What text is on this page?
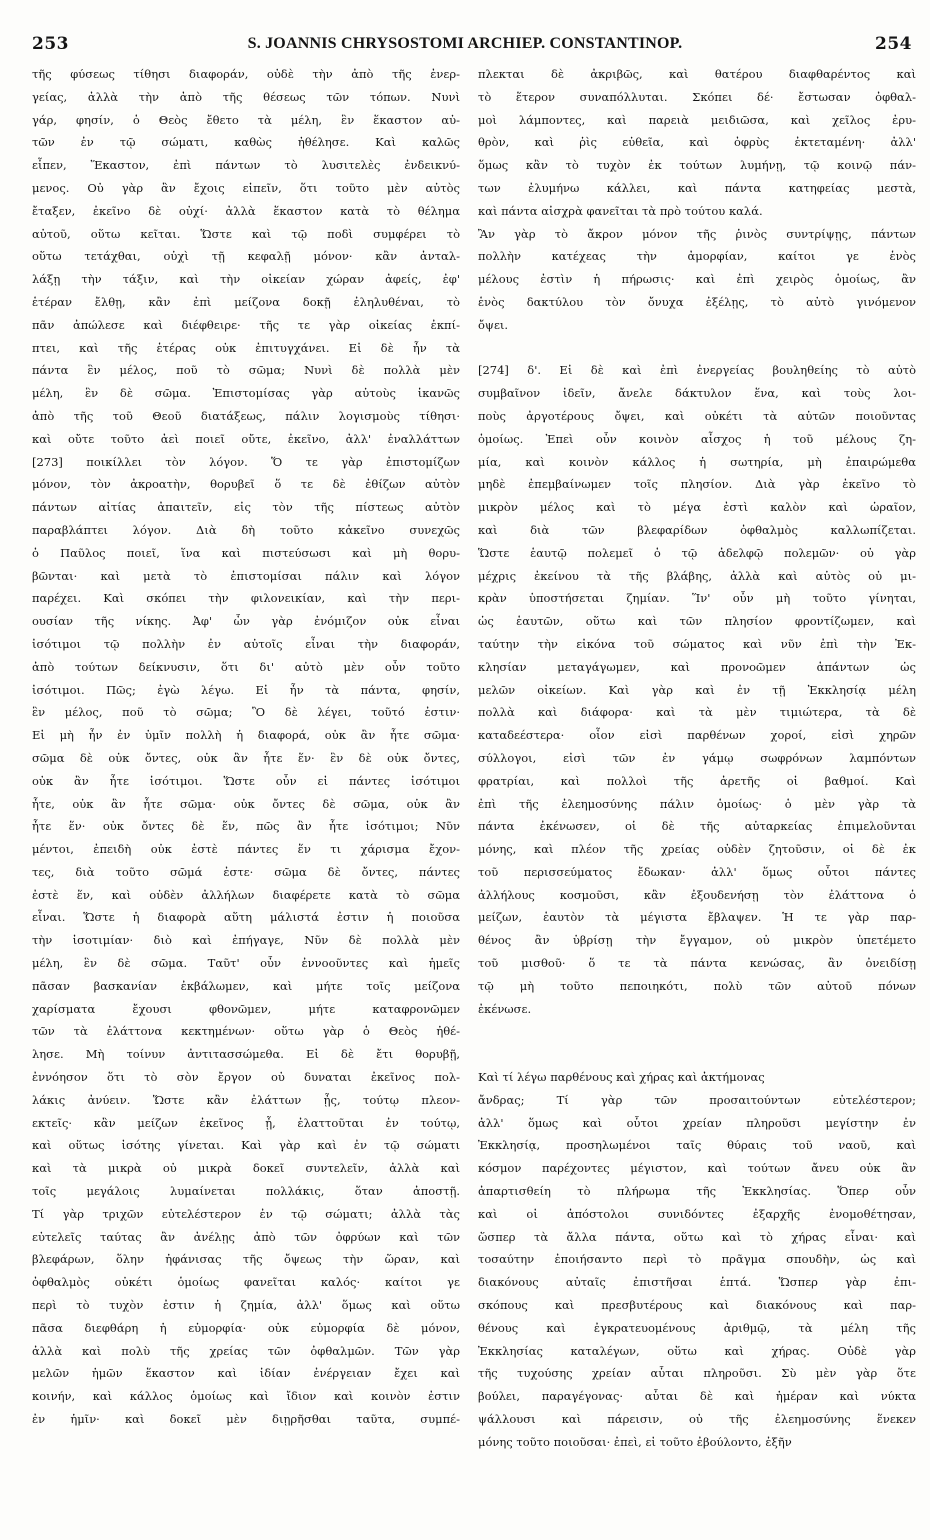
253	S. JOANNIS CHRYSOSTOMI ARCHIEP. CONSTANTINOP.	254
τῆς φύσεως τίθησι διαφοράν, οὐδὲ τὴν ἀπὸ τῆς ἐνερ-
γείας, ἀλλὰ τὴν ἀπὸ τῆς θέσεως τῶν τόπων. Νυνὶ
γάρ, φησίν, ὁ Θεὸς ἔθετο τὰ μέλη, ἓν ἕκαστον αὐ-
τῶν ἐν τῷ σώματι, καθὼς ἠθέλησε. Καὶ καλῶς
εἶπεν, Ἕκαστον, ἐπὶ πάντων τὸ λυσιτελὲς ἐνδεικνύ-
μενος. Οὐ γὰρ ἂν ἔχοις εἰπεῖν, ὅτι τοῦτο μὲν αὐτὸς
ἔταξεν, ἐκεῖνο δὲ οὐχί· ἀλλὰ ἕκαστον κατὰ τὸ θέλημα
αὐτοῦ, οὕτω κεῖται. Ὥστε καὶ τῷ ποδὶ συμφέρει τὸ
οὕτω τετάχθαι, οὐχὶ τῇ κεφαλῇ μόνον· κἂν ἀνταλ-
λάξῃ τὴν τάξιν, καὶ τὴν οἰκείαν χώραν ἀφείς, ἐφ'
ἑτέραν ἔλθῃ, κἂν ἐπὶ μείζονα δοκῇ ἐληλυθέναι, τὸ
πᾶν ἀπώλεσε καὶ διέφθειρε· τῆς τε γὰρ οἰκείας ἐκπί-
πτει, καὶ τῆς ἑτέρας οὐκ ἐπιτυγχάνει. Εἰ δὲ ἦν τὰ
πάντα ἓν μέλος, ποῦ τὸ σῶμα; Νυνὶ δὲ πολλὰ μὲν
μέλη, ἓν δὲ σῶμα. Ἐπιστομίσας γὰρ αὐτοὺς ἱκανῶς
ἀπὸ τῆς τοῦ Θεοῦ διατάξεως, πάλιν λογισμοὺς τίθησι·
καὶ οὔτε τοῦτο ἀεὶ ποιεῖ οὔτε, ἐκεῖνο, ἀλλ' ἐναλλάττων
[273] ποικίλλει τὸν λόγον. Ὅ τε γὰρ ἐπιστομίζων
μόνον, τὸν ἀκροατὴν, θορυβεῖ ὅ τε δὲ ἐθίζων αὐτὸν
πάντων αἰτίας ἀπαιτεῖν, εἰς τὸν τῆς πίστεως αὐτὸν
παραβλάπτει λόγον. Διὰ δὴ τοῦτο κἀκεῖνο συνεχῶς
ὁ Παῦλος ποιεῖ, ἵνα καὶ πιστεύσωσι καὶ μὴ θορυ-
βῶνται· καὶ μετὰ τὸ ἐπιστομίσαι πάλιν καὶ λόγον
παρέχει. Καὶ σκόπει τὴν φιλονεικίαν, καὶ τὴν περι-
ουσίαν τῆς νίκης. Ἀφ' ὧν γὰρ ἐνόμιζον οὐκ εἶναι
ἰσότιμοι τῷ πολλὴν ἐν αὐτοῖς εἶναι τὴν διαφοράν,
ἀπὸ τούτων δείκνυσιν, ὅτι δι' αὐτὸ μὲν οὖν τοῦτο
ἰσότιμοι. Πῶς; ἐγὼ λέγω. Εἰ ἦν τὰ πάντα, φησίν,
ἓν μέλος, ποῦ τὸ σῶμα; Ὃ δὲ λέγει, τοῦτό ἐστιν·
Εἰ μὴ ἦν ἐν ὑμῖν πολλὴ ἡ διαφορά, οὐκ ἂν ἦτε σῶμα·
σῶμα δὲ οὐκ ὄντες, οὐκ ἂν ἦτε ἕν· ἓν δὲ οὐκ ὄντες,
οὐκ ἂν ἦτε ἰσότιμοι. Ὥστε οὖν εἰ πάντες ἰσότιμοι
ἦτε, οὐκ ἂν ἦτε σῶμα· οὐκ ὄντες δὲ σῶμα, οὐκ ἂν
ἦτε ἕν· οὐκ ὄντες δὲ ἕν, πῶς ἂν ἦτε ἰσότιμοι; Νῦν
μέντοι, ἐπειδὴ οὐκ ἐστὲ πάντες ἕν τι χάρισμα ἔχον-
τες, διὰ τοῦτο σῶμά ἐστε· σῶμα δὲ ὄντες, πάντες
ἐστὲ ἕν, καὶ οὐδὲν ἀλλήλων διαφέρετε κατὰ τὸ σῶμα
εἶναι. Ὥστε ἡ διαφορὰ αὕτη μάλιστά ἐστιν ἡ ποιοῦσα
τὴν ἰσοτιμίαν· διὸ καὶ ἐπήγαγε, Νῦν δὲ πολλὰ μὲν
μέλη, ἓν δὲ σῶμα. Ταῦτ' οὖν ἐννοοῦντες καὶ ἡμεῖς
πᾶσαν βασκανίαν ἐκβάλωμεν, καὶ μήτε τοῖς μείζονα
χαρίσματα ἔχουσι φθονῶμεν, μήτε καταφρονῶμεν
τῶν τὰ ἐλάττονα κεκτημένων· οὕτω γὰρ ὁ Θεὸς ἠθέ-
λησε. Μὴ τοίνυν ἀντιτασσώμεθα. Εἰ δὲ ἔτι θορυβῇ,
ἐννόησον ὅτι τὸ σὸν ἔργον οὐ δυναται ἐκεῖνος πολ-
λάκις ἀνύειν. Ὥστε κἂν ἐλάττων ᾖς, τούτῳ πλεον-
εκτεῖς· κἂν μείζων ἐκεῖνος ᾖ, ἐλαττοῦται ἐν τούτῳ,
καὶ οὕτως ἰσότης γίνεται. Καὶ γὰρ καὶ ἐν τῷ σώματι
καὶ τὰ μικρὰ οὐ μικρὰ δοκεῖ συντελεῖν, ἀλλὰ καὶ
τοῖς μεγάλοις λυμαίνεται πολλάκις, ὅταν ἀποστῇ.
Τί γὰρ τριχῶν εὐτελέστερον ἐν τῷ σώματι; ἀλλὰ τὰς
εὐτελεῖς ταύτας ἂν ἀνέλῃς ἀπὸ τῶν ὀφρύων καὶ τῶν
βλεφάρων, ὅλην ἠφάνισας τῆς ὄψεως τὴν ὥραν, καὶ
ὀφθαλμὸς οὐκέτι ὁμοίως φανεῖται καλός· καίτοι γε
περὶ τὸ τυχὸν ἐστιν ἡ ζημία, ἀλλ' ὅμως καὶ οὕτω
πᾶσα διεφθάρη ἡ εὐμορφία· οὐκ εὐμορφία δὲ μόνον,
ἀλλὰ καὶ πολὺ τῆς χρείας τῶν ὀφθαλμῶν. Τῶν γὰρ
μελῶν ἡμῶν ἕκαστον καὶ ἰδίαν ἐνέργειαν ἔχει καὶ
κοινήν, καὶ κάλλος ὁμοίως καὶ ἴδιον καὶ κοινὸν ἐστιν
ἐν ἡμῖν· καὶ δοκεῖ μὲν διῃρῆσθαι ταῦτα, συμπέ-
πλεκται δὲ ἀκριβῶς, καὶ θατέρου διαφθαρέντος καὶ
τὸ ἕτερον συναπόλλυται. Σκόπει δέ· ἔστωσαν ὀφθαλ-
μοὶ λάμποντες, καὶ παρειὰ μειδιῶσα, καὶ χεῖλος ἐρυ-
θρὸν, καὶ ῥὶς εὐθεῖα, καὶ ὀφρὺς ἐκτεταμένη· ἀλλ'
ὅμως κἂν τὸ τυχὸν ἐκ τούτων λυμήνῃ, τῷ κοινῷ πάν-
των ἐλυμήνω κάλλει, καὶ πάντα κατηφείας μεστὰ,
καὶ πάντα αἰσχρὰ φανεῖται τὰ πρὸ τούτου καλά.
Ἂν γὰρ τὸ ἄκρον μόνον τῆς ῥινὸς συντρίψῃς, πάντων
πολλὴν κατέχεας τὴν ἀμορφίαν, καίτοι γε ἑνὸς
μέλους ἐστὶν ἡ πήρωσις· καὶ ἐπὶ χειρὸς ὁμοίως, ἂν
ἑνὸς δακτύλου τὸν ὄνυχα ἐξέλῃς, τὸ αὐτὸ γινόμενον
ὄψει.
[274] δ'. Εἰ δὲ καὶ ἐπὶ ἐνεργείας βουληθείης τὸ αὐτὸ
συμβαῖνον ἰδεῖν, ἄνελε δάκτυλον ἕνα, καὶ τοὺς λοι-
ποὺς ἀργοτέρους ὄψει, καὶ οὐκέτι τὰ αὐτῶν ποιοῦντας
ὁμοίως. Ἐπεὶ οὖν κοινὸν αἶσχος ἡ τοῦ μέλους ζη-
μία, καὶ κοινὸν κάλλος ἡ σωτηρία, μὴ ἐπαιρώμεθα
μηδὲ ἐπεμβαίνωμεν τοῖς πλησίον. Διὰ γὰρ ἐκεῖνο τὸ
μικρὸν μέλος καὶ τὸ μέγα ἐστὶ καλὸν καὶ ὡραῖον,
καὶ διὰ τῶν βλεφαρίδων ὀφθαλμὸς καλλωπίζεται.
Ὥστε ἑαυτῷ πολεμεῖ ὁ τῷ ἀδελφῷ πολεμῶν· οὐ γὰρ
μέχρις ἐκείνου τὰ τῆς βλάβης, ἀλλὰ καὶ αὐτὸς οὐ μι-
κρὰν ὑποστήσεται ζημίαν. Ἵν' οὖν μὴ τοῦτο γίνηται,
ὡς ἑαυτῶν, οὕτω καὶ τῶν πλησίον φροντίζωμεν, καὶ
ταύτην τὴν εἰκόνα τοῦ σώματος καὶ νῦν ἐπὶ τὴν Ἐκ-
κλησίαν μεταγάγωμεν, καὶ προνοῶμεν ἁπάντων ὡς
μελῶν οἰκείων. Καὶ γὰρ καὶ ἐν τῇ Ἐκκλησίᾳ μέλη
πολλὰ καὶ διάφορα· καὶ τὰ μὲν τιμιώτερα, τὰ δὲ
καταδεέστερα· οἷον εἰσὶ παρθένων χοροί, εἰσὶ χηρῶν
σύλλογοι, εἰσὶ τῶν ἐν γάμῳ σωφρόνων λαμπόντων
φρατρίαι, καὶ πολλοὶ τῆς ἀρετῆς οἱ βαθμοί. Καὶ
ἐπὶ τῆς ἐλεημοσύνης πάλιν ὁμοίως· ὁ μὲν γὰρ τὰ
πάντα ἐκένωσεν, οἱ δὲ τῆς αὐταρκείας ἐπιμελοῦνται
μόνης, καὶ πλέον τῆς χρείας οὐδὲν ζητοῦσιν, οἱ δὲ ἐκ
τοῦ περισσεύματος ἔδωκαν· ἀλλ' ὅμως οὗτοι πάντες
ἀλλήλους κοσμοῦσι, κἂν ἐξουδενήσῃ τὸν ἐλάττονα ὁ
μείζων, ἑαυτὸν τὰ μέγιστα ἔβλαψεν. Ἡ τε γὰρ παρ-
θένος ἂν ὑβρίσῃ τὴν ἔγγαμον, οὐ μικρὸν ὑπετέμετο
τοῦ μισθοῦ· ὅ τε τὰ πάντα κενώσας, ἂν ὀνειδίσῃ
τῷ μὴ τοῦτο πεποιηκότι, πολὺ τῶν αὐτοῦ πόνων
ἐκένωσε.
Καὶ τί λέγω παρθένους καὶ χήρας καὶ ἀκτήμονας
ἄνδρας; Τί γὰρ τῶν προσαιτούντων εὐτελέστερον;
ἀλλ' ὅμως καὶ οὗτοι χρείαν πληροῦσι μεγίστην ἐν
Ἐκκλησίᾳ, προσηλωμένοι ταῖς θύραις τοῦ ναοῦ, καὶ
κόσμον παρέχοντες μέγιστον, καὶ τούτων ἄνευ οὐκ ἂν
ἀπαρτισθείη τὸ πλήρωμα τῆς Ἐκκλησίας. Ὅπερ οὖν
καὶ οἱ ἀπόστολοι συνιδόντες ἐξαρχῆς ἐνομοθέτησαν,
ὥσπερ τὰ ἄλλα πάντα, οὕτω καὶ τὸ χήρας εἶναι· καὶ
τοσαύτην ἐποιήσαντο περὶ τὸ πρᾶγμα σπουδὴν, ὡς καὶ
διακόνους αὐταῖς ἐπιστῆσαι ἑπτά. Ὥσπερ γὰρ ἐπι-
σκόπους καὶ πρεσβυτέρους καὶ διακόνους καὶ παρ-
θένους καὶ ἐγκρατευομένους ἀριθμῷ, τὰ μέλη τῆς
Ἐκκλησίας καταλέγων, οὕτω καὶ χήρας. Οὐδὲ γὰρ
τῆς τυχούσης χρείαν αὗται πληροῦσι. Σὺ μὲν γὰρ ὅτε
βούλει, παραγέγονας· αὗται δὲ καὶ ἡμέραν καὶ νύκτα
ψάλλουσι καὶ πάρεισιν, οὐ τῆς ἐλεημοσύνης ἕνεκεν
μόνης τοῦτο ποιοῦσαι· ἐπεὶ, εἰ τοῦτο ἐβούλοντο, ἐξῆν
